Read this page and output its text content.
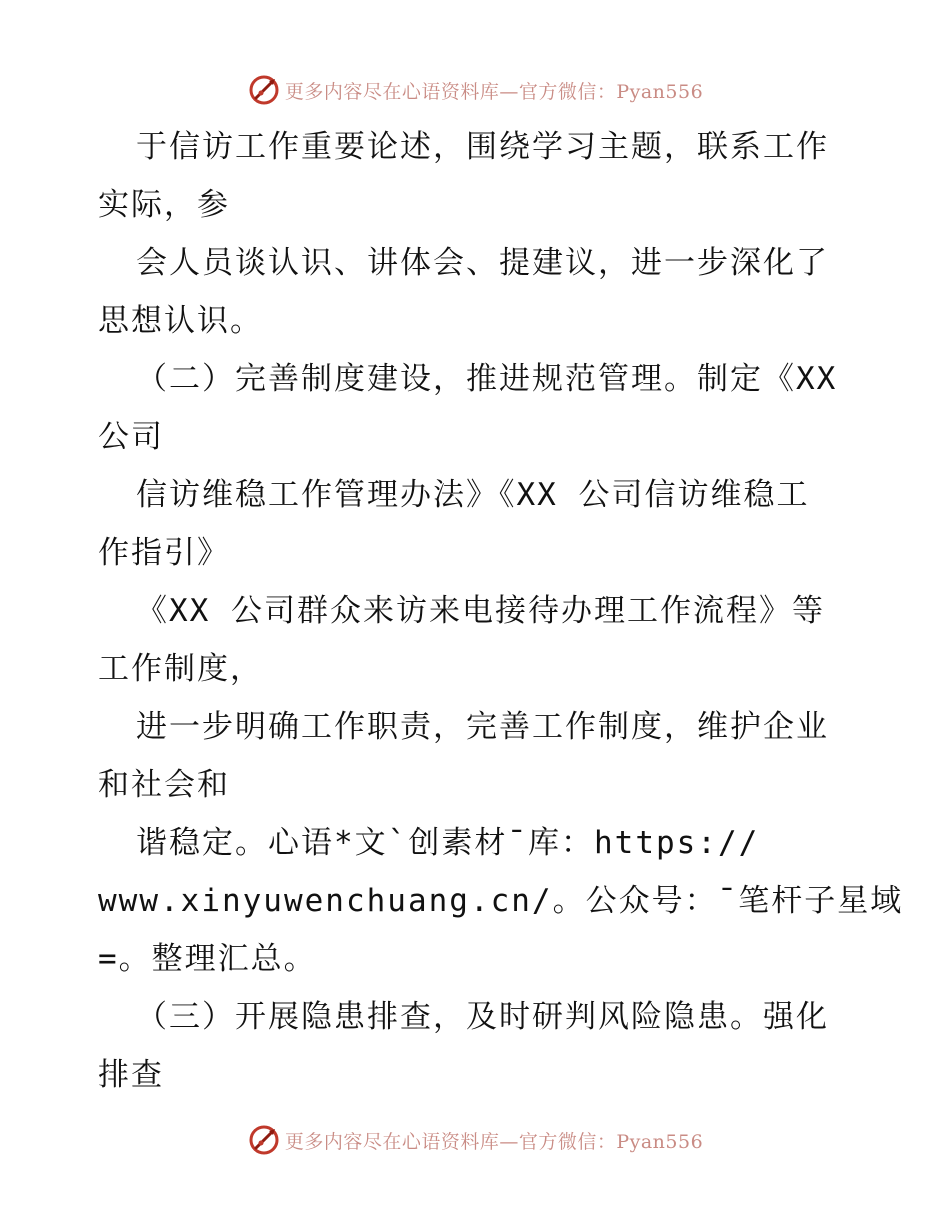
更多内容尽在心语资料库—官方微信：Pyan556
于信访工作重要论述，围绕学习主题，联系工作
实际，参
会人员谈认识、讲体会、提建议，进一步深化了
思想认识。
（二）完善制度建设，推进规范管理。制定《XX
公司
信访维稳工作管理办法》《XX 公司信访维稳工
作指引》
《XX 公司群众来访来电接待办理工作流程》等
工作制度，
进一步明确工作职责，完善工作制度，维护企业
和社会和
谐稳定。心语*文`创素材¯库：https://
www.xinyuwenchuang.cn/。公众号：¯笔杆子星域
=。整理汇总。
（三）开展隐患排查，及时研判风险隐患。强化
排查
更多内容尽在心语资料库—官方微信：Pyan556
